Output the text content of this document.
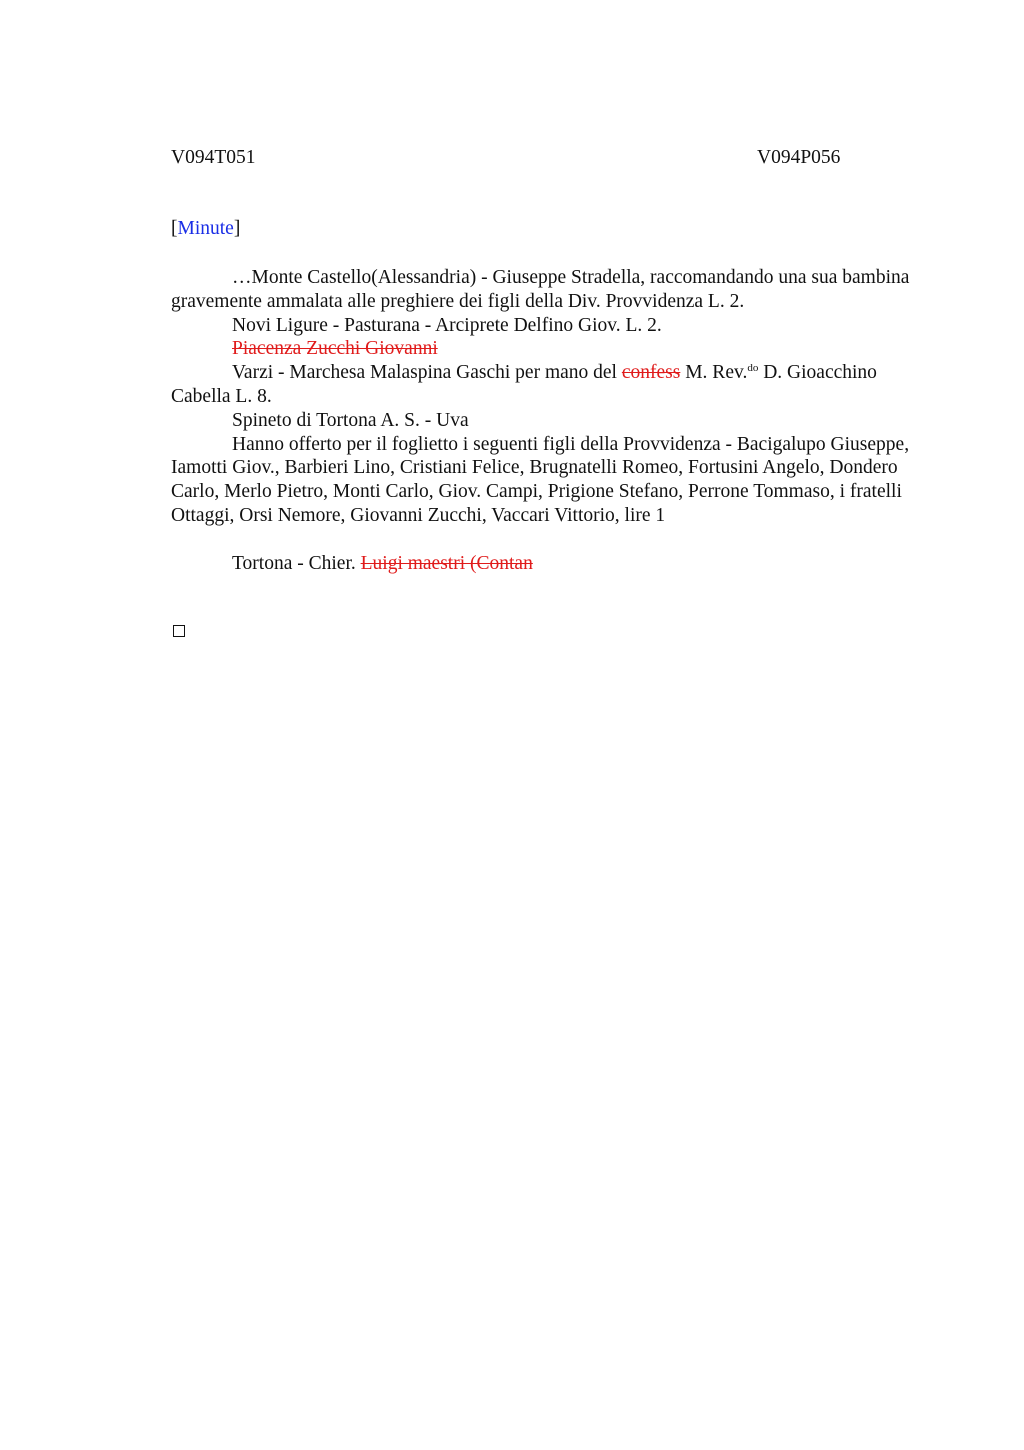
V094T051	V094P056
[Minute]

…Monte Castello(Alessandria) - Giuseppe Stradella, raccomandando una sua bambina gravemente ammalata alle preghiere dei figli della Div. Provvidenza L. 2.

Novi Ligure - Pasturana - Arciprete Delfino Giov. L. 2.

Piacenza Zucchi Giovanni

Varzi - Marchesa Malaspina Gaschi per mano del confess M. Rev.$^{do}$ D. Gioacchino Cabella L. 8.

Spineto di Tortona A. S. - Uva

Hanno offerto per il foglietto i seguenti figli della Provvidenza - Bacigalupo Giuseppe, Iamotti Giov., Barbieri Lino, Cristiani Felice, Brugnatelli Romeo, Fortusini Angelo, Dondero Carlo, Merlo Pietro, Monti Carlo, Giov. Campi, Prigione Stefano, Perrone Tommaso, i fratelli Ottaggi, Orsi Nemore, Giovanni Zucchi, Vaccari Vittorio, lire 1

Tortona - Chier. Luigi maestri (Contan
